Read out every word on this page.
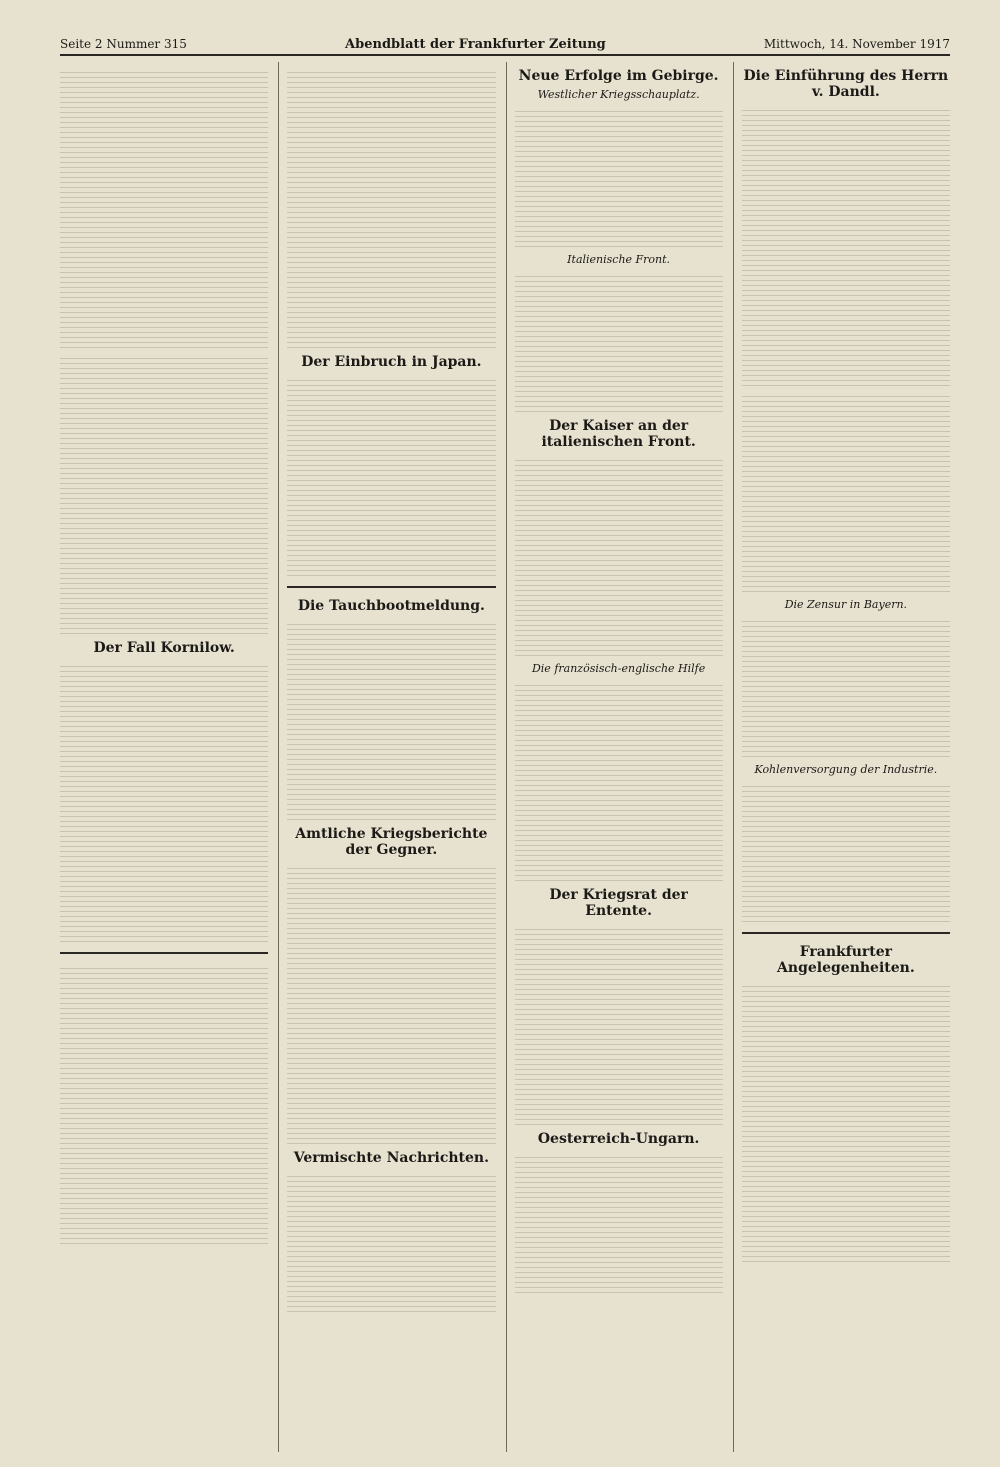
Seite 2 Nummer 315	Abendblatt der Frankfurter Zeitung	Mittwoch, 14. November 1917
Der Fall Kornilow.
Der Einbruch in Japan.
Die Tauchbootmeldung.
Amtliche Kriegsberichte der Gegner.
Vermischte Nachrichten.
Neue Erfolge im Gebirge.
Westlicher Kriegsschauplatz.
Italienische Front.
Der Kaiser an der italienischen Front.
Die französisch-englische Hilfe
Der Kriegsrat der Entente.
Oesterreich-Ungarn.
Die Einführung des Herrn v. Dandl.
Die Zensur in Bayern.
Kohlenversorgung der Industrie.
Frankfurter Angelegenheiten.
